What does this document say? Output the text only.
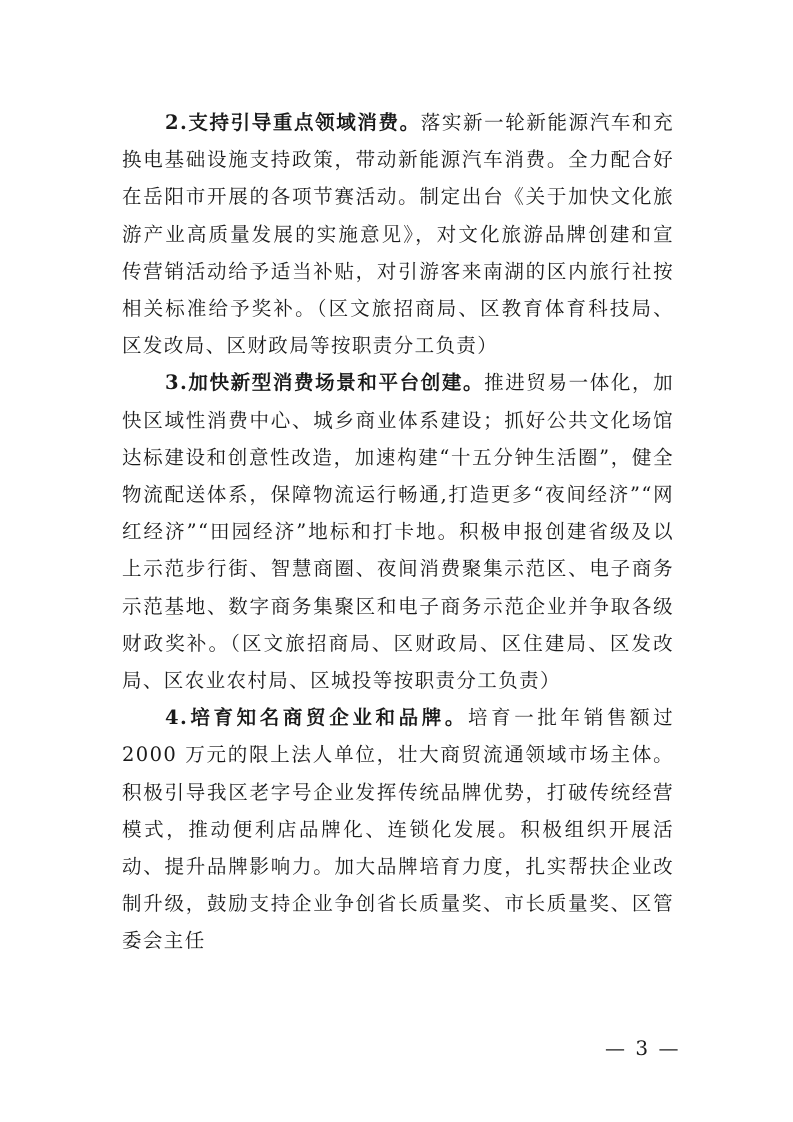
2.支持引导重点领域消费。落实新一轮新能源汽车和充换电基础设施支持政策，带动新能源汽车消费。全力配合好在岳阳市开展的各项节赛活动。制定出台《关于加快文化旅游产业高质量发展的实施意见》，对文化旅游品牌创建和宣传营销活动给予适当补贴，对引游客来南湖的区内旅行社按相关标准给予奖补。（区文旅招商局、区教育体育科技局、区发改局、区财政局等按职责分工负责）

3.加快新型消费场景和平台创建。推进贸易一体化，加快区域性消费中心、城乡商业体系建设；抓好公共文化场馆达标建设和创意性改造，加速构建“十五分钟生活圈”，健全物流配送体系，保障物流运行畅通,打造更多“夜间经济”“网红经济”“田园经济”地标和打卡地。积极申报创建省级及以上示范步行街、智慧商圈、夜间消费聚集示范区、电子商务示范基地、数字商务集聚区和电子商务示范企业并争取各级财政奖补。（区文旅招商局、区财政局、区住建局、区发改局、区农业农村局、区城投等按职责分工负责）

4.培育知名商贸企业和品牌。培育一批年销售额过 2000 万元的限上法人单位，壮大商贸流通领域市场主体。积极引导我区老字号企业发挥传统品牌优势，打破传统经营模式，推动便利店品牌化、连锁化发展。积极组织开展活动、提升品牌影响力。加大品牌培育力度，扎实帮扶企业改制升级，鼓励支持企业争创省长质量奖、市长质量奖、区管委会主任

— 3 —
